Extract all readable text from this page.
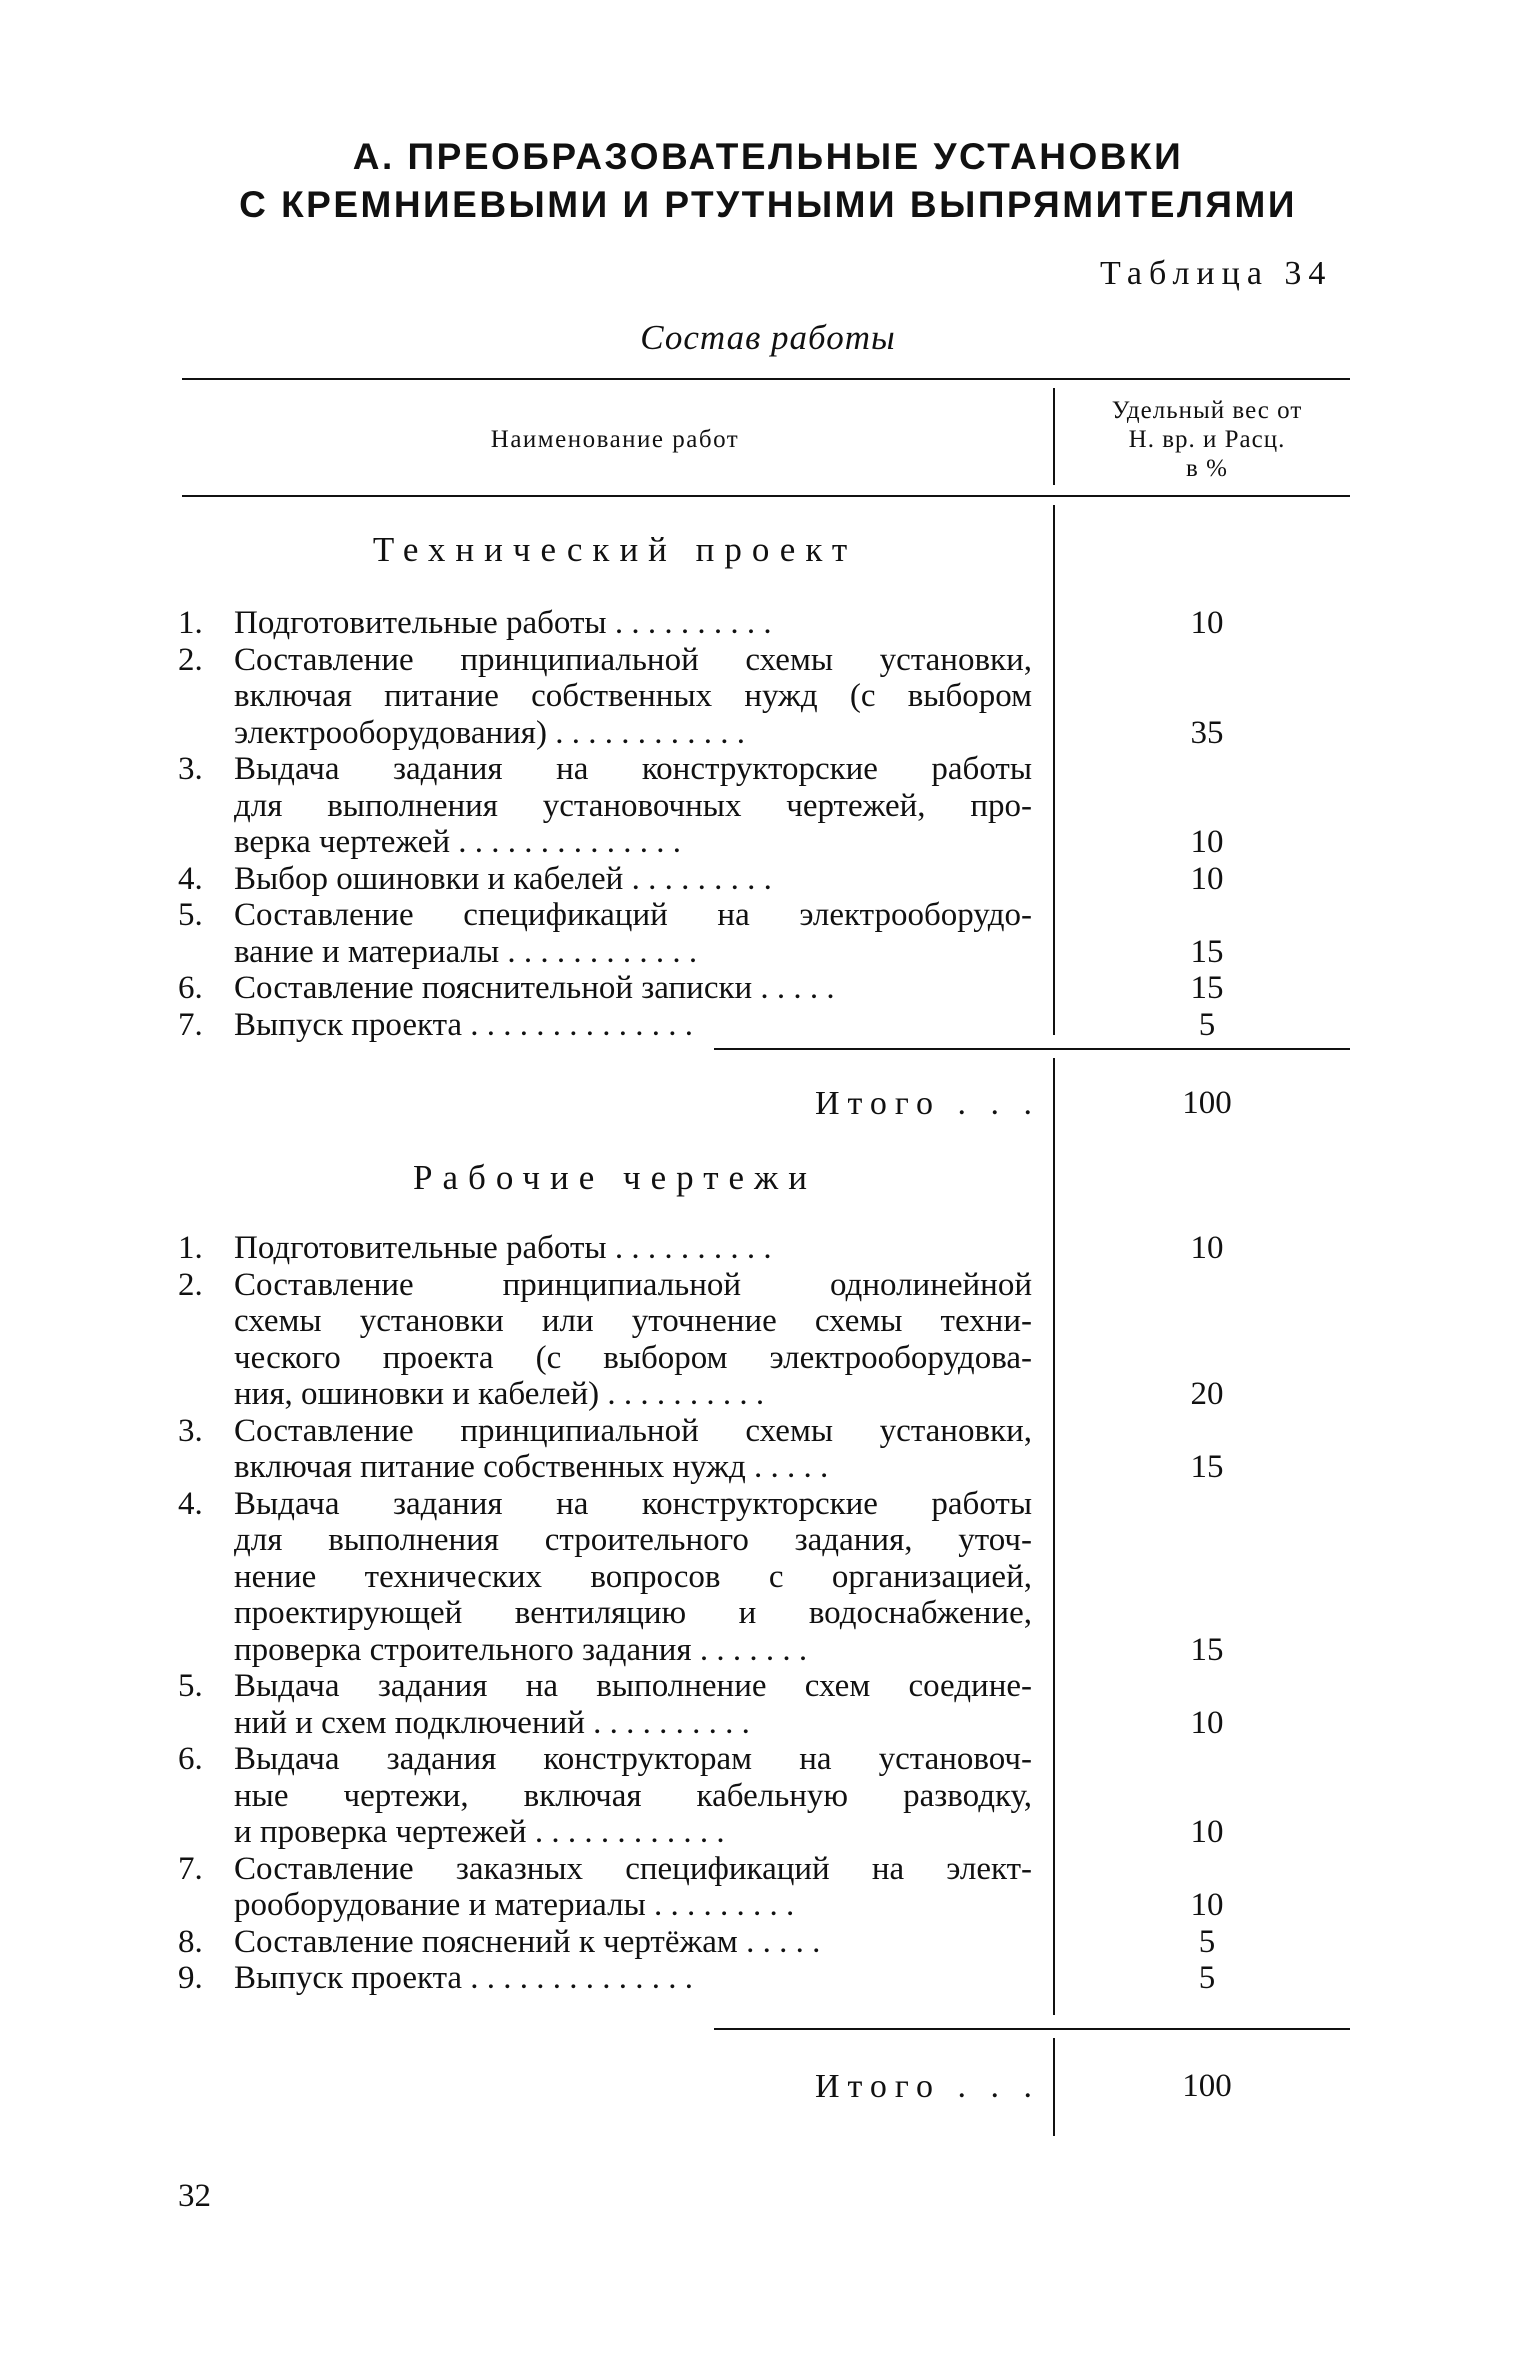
А. ПРЕОБРАЗОВАТЕЛЬНЫЕ УСТАНОВКИ
С КРЕМНИЕВЫМИ И РТУТНЫМИ ВЫПРЯМИТЕЛЯМИ
Таблица 34
Состав работы
Наименование работ
Удельный вес от
Н. вр. и Расц.
в %
Технический проект
1. Подготовительные работы . . . . . . . . . .	10
2. Составление принципиальной схемы установки,
включая питание собственных нужд (с выбором
электрооборудования) . . . . . . . . . . . .	35
3. Выдача задания на конструкторские работы
для выполнения установочных чертежей, про-
верка чертежей . . . . . . . . . . . . . .	10
4. Выбор ошиновки и кабелей . . . . . . . . .	10
5. Составление спецификаций на электрооборудо-
вание и материалы . . . . . . . . . . . .	15
6. Составление пояснительной записки . . . . .	15
7. Выпуск проекта . . . . . . . . . . . . . .	5
Итого . . .	100
Рабочие чертежи
1. Подготовительные работы . . . . . . . . . .	10
2. Составление принципиальной однолинейной
схемы установки или уточнение схемы техни-
ческого проекта (с выбором электрооборудова-
ния, ошиновки и кабелей) . . . . . . . . . .	20
3. Составление принципиальной схемы установки,
включая питание собственных нужд . . . . .	15
4. Выдача задания на конструкторские работы
для выполнения строительного задания, уточ-
нение технических вопросов с организацией,
проектирующей вентиляцию и водоснабжение,
проверка строительного задания . . . . . . .	15
5. Выдача задания на выполнение схем соедине-
ний и схем подключений . . . . . . . . . .	10
6. Выдача задания конструкторам на установоч-
ные чертежи, включая кабельную разводку,
и проверка чертежей . . . . . . . . . . . .	10
7. Составление заказных спецификаций на элект-
рооборудование и материалы . . . . . . . . .	10
8. Составление пояснений к чертёжам . . . . .	5
9. Выпуск проекта . . . . . . . . . . . . . .	5
Итого . . .	100
32
